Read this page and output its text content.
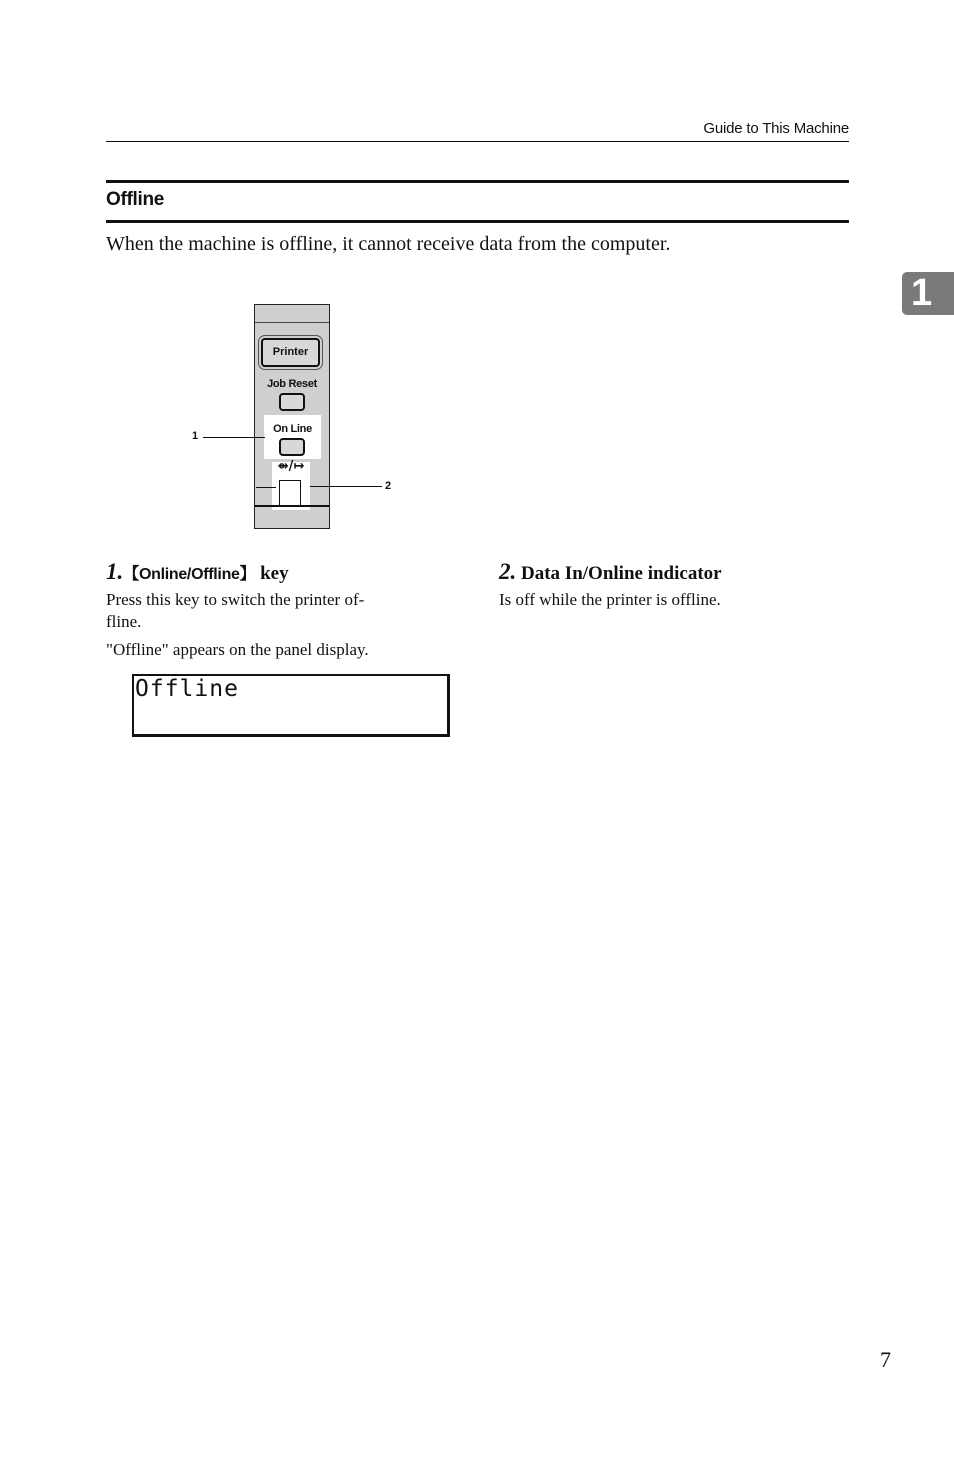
Guide to This Machine
Offline
When the machine is offline, it cannot receive data from the computer.
1
Printer
Job Reset
On Line
⇴/↦
1
2
1.【Online/Offline】 key
Press this key to switch the printer of-
fline.
"Offline" appears on the panel display.
Offline
2. Data In/Online indicator
Is off while the printer is offline.
7
